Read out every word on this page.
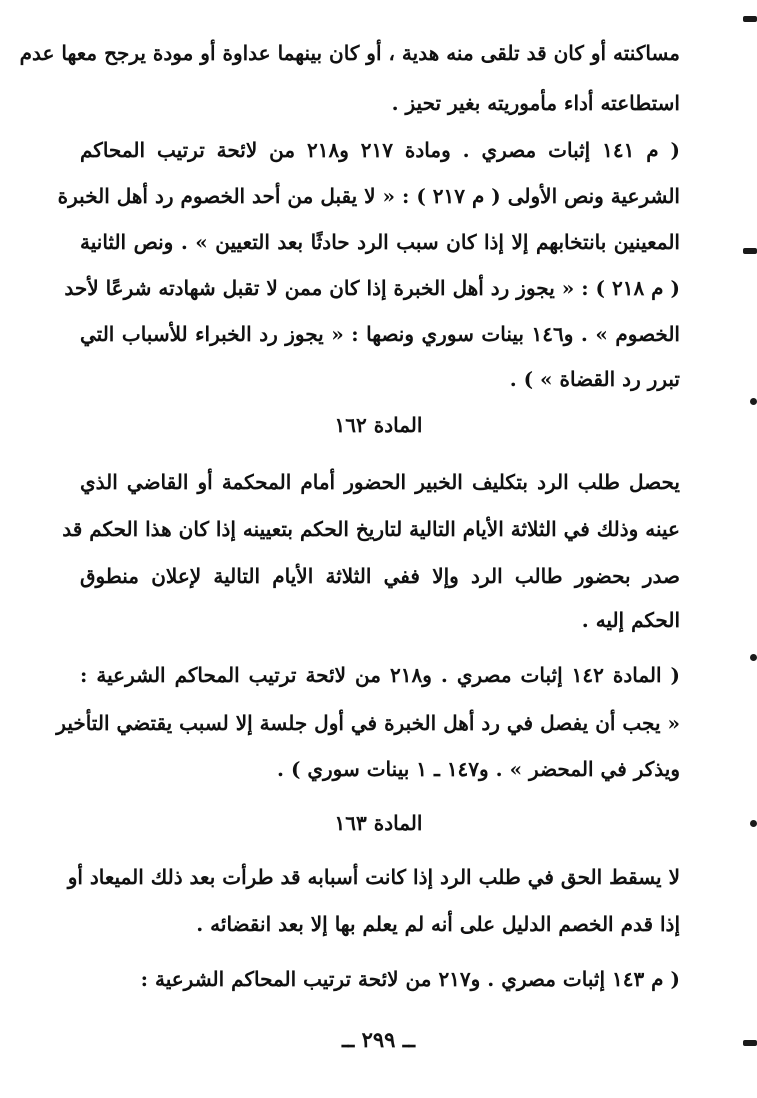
مساكنته أو كان قد تلقى منه هدية ، أو كان بينهما عداوة أو مودة يرجح معها عدم
استطاعته أداء مأموريته بغير تحيز .
( م ١٤١ إثبات مصري . ومادة ٢١٧ و٢١٨ من لائحة ترتيب المحاكم
الشرعية ونص الأولى ( م ٢١٧ ) : « لا يقبل من أحد الخصوم رد أهل الخبرة
المعينين بانتخابهم إلا إذا كان سبب الرد حادثًا بعد التعيين » . ونص الثانية
( م ٢١٨ ) : « يجوز رد أهل الخبرة إذا كان ممن لا تقبل شهادته شرعًا لأحد
الخصوم » . و١٤٦ بينات سوري ونصها : « يجوز رد الخبراء للأسباب التي
تبرر رد القضاة » ) .
المادة ١٦٢
يحصل طلب الرد بتكليف الخبير الحضور أمام المحكمة أو القاضي الذي
عينه وذلك في الثلاثة الأيام التالية لتاريخ الحكم بتعيينه إذا كان هذا الحكم قد
صدر بحضور طالب الرد وإلا ففي الثلاثة الأيام التالية لإعلان منطوق
الحكم إليه .
( المادة ١٤٢ إثبات مصري . و٢١٨ من لائحة ترتيب المحاكم الشرعية :
« يجب أن يفصل في رد أهل الخبرة في أول جلسة إلا لسبب يقتضي التأخير
ويذكر في المحضر » . و١٤٧ ـ ١ بينات سوري ) .
المادة ١٦٣
لا يسقط الحق في طلب الرد إذا كانت أسبابه قد طرأت بعد ذلك الميعاد أو
إذا قدم الخصم الدليل على أنه لم يعلم بها إلا بعد انقضائه .
( م ١٤٣ إثبات مصري . و٢١٧ من لائحة ترتيب المحاكم الشرعية :
ــ ٢٩٩ ــ
